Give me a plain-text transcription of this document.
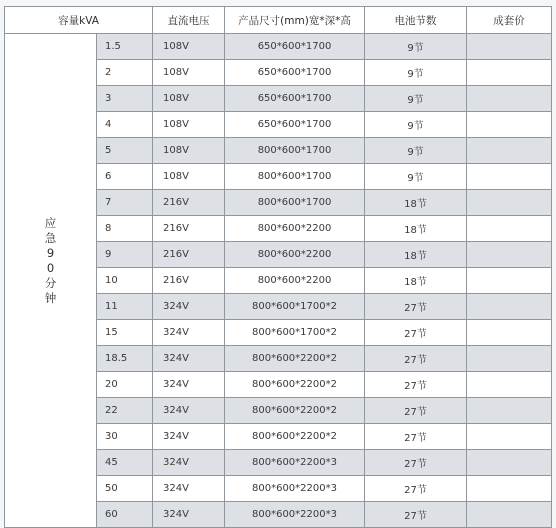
容量kVA		直流电压	产品尺寸(mm)宽*深*高	电池节数	成套价

应
急
90
分
钟	1.5	108V	650*600*1700	9节	
	2	108V	650*600*1700	9节	
	3	108V	650*600*1700	9节	
	4	108V	650*600*1700	9节	
	5	108V	800*600*1700	9节	
	6	108V	800*600*1700	9节	
	7	216V	800*600*1700	18节	
	8	216V	800*600*2200	18节	
	9	216V	800*600*2200	18节	
	10	216V	800*600*2200	18节	
	11	324V	800*600*1700*2	27节	
	15	324V	800*600*1700*2	27节	
	18.5	324V	800*600*2200*2	27节	
	20	324V	800*600*2200*2	27节	
	22	324V	800*600*2200*2	27节	
	30	324V	800*600*2200*2	27节	
	45	324V	800*600*2200*3	27节	
	50	324V	800*600*2200*3	27节	
	60	324V	800*600*2200*3	27节	
